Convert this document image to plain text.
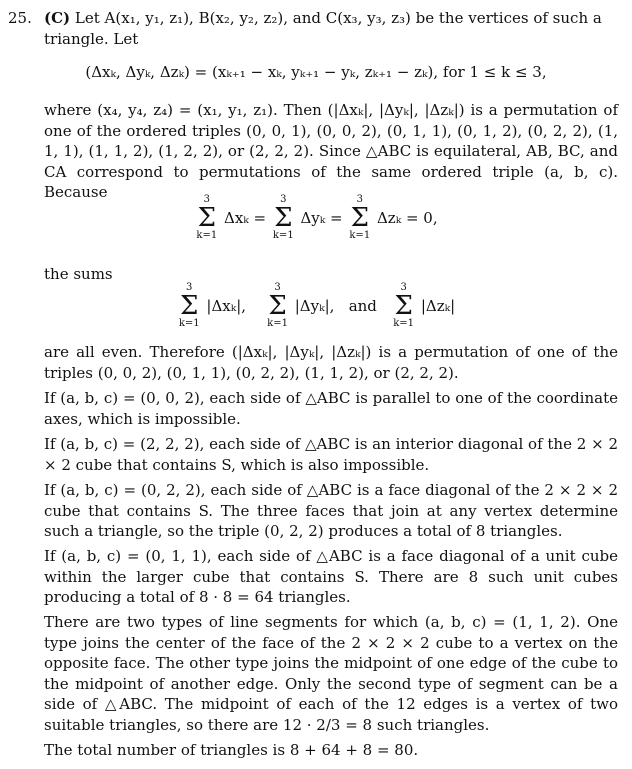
25. (C) Let A(x₁, y₁, z₁), B(x₂, y₂, z₂), and C(x₃, y₃, z₃) be the vertices of such a
triangle. Let
(Δxₖ, Δyₖ, Δzₖ) = (xₖ₊₁ − xₖ, yₖ₊₁ − yₖ, zₖ₊₁ − zₖ), for 1 ≤ k ≤ 3,
where (x₄, y₄, z₄) = (x₁, y₁, z₁). Then (|Δxₖ|, |Δyₖ|, |Δzₖ|) is a permutation of one of the ordered triples (0, 0, 1), (0, 0, 2), (0, 1, 1), (0, 1, 2), (0, 2, 2), (1, 1, 1), (1, 1, 2), (1, 2, 2), or (2, 2, 2). Since △ABC is equilateral, AB, BC, and CA correspond to permutations of the same ordered triple (a, b, c). Because	3
Σ
k=1
Δxₖ =
3
Σ
k=1
Δyₖ =
3
Σ
k=1
Δzₖ = 0,
the sums
3
Σ
k=1
|Δxₖ|,
3
Σ
k=1
|Δyₖ|, and
3
Σ
k=1
|Δzₖ|
are all even. Therefore (|Δxₖ|, |Δyₖ|, |Δzₖ|) is a permutation of one of the triples (0, 0, 2), (0, 1, 1), (0, 2, 2), (1, 1, 2), or (2, 2, 2).
If (a, b, c) = (0, 0, 2), each side of △ABC is parallel to one of the coordinate axes, which is impossible.
If (a, b, c) = (2, 2, 2), each side of △ABC is an interior diagonal of the 2 × 2 × 2 cube that contains S, which is also impossible.
If (a, b, c) = (0, 2, 2), each side of △ABC is a face diagonal of the 2 × 2 × 2 cube that contains S. The three faces that join at any vertex determine such a triangle, so the triple (0, 2, 2) produces a total of 8 triangles.
If (a, b, c) = (0, 1, 1), each side of △ABC is a face diagonal of a unit cube within the larger cube that contains S. There are 8 such unit cubes producing a total of 8 · 8 = 64 triangles.
There are two types of line segments for which (a, b, c) = (1, 1, 2). One type joins the center of the face of the 2 × 2 × 2 cube to a vertex on the opposite face. The other type joins the midpoint of one edge of the cube to the midpoint of another edge. Only the second type of segment can be a side of △ABC. The midpoint of each of the 12 edges is a vertex of two suitable triangles, so there are 12 · 2/3 = 8 such triangles.
The total number of triangles is 8 + 64 + 8 = 80.
